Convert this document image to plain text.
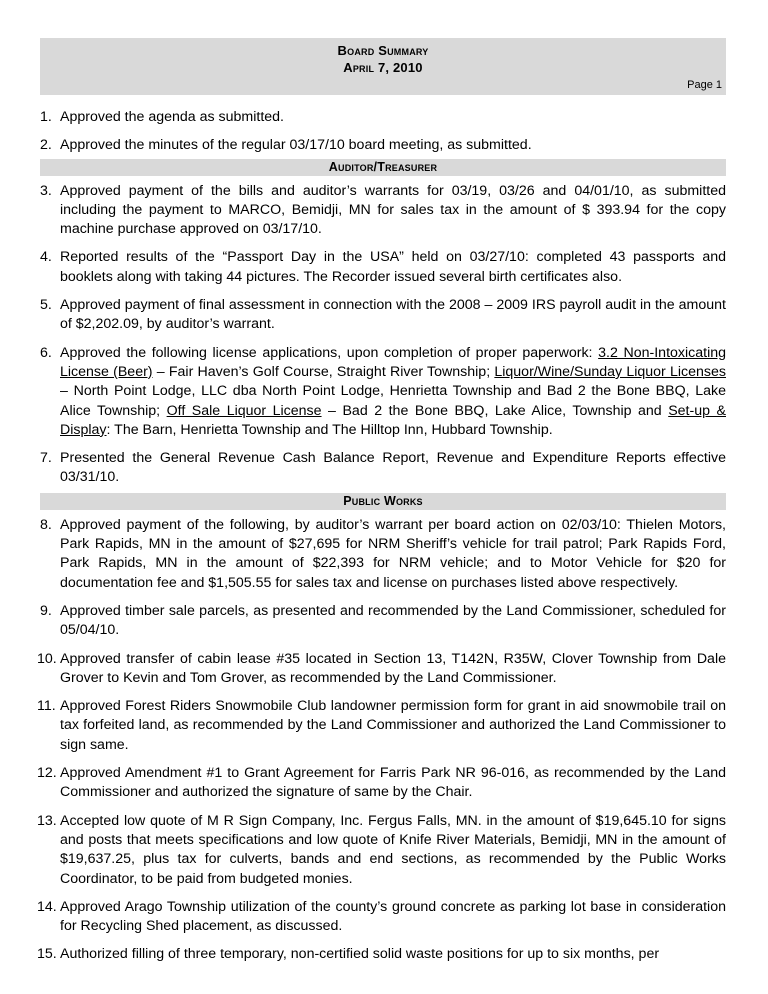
Board Summary
April 7, 2010
Page 1
1. Approved the agenda as submitted.
2. Approved the minutes of the regular 03/17/10 board meeting, as submitted.
Auditor/Treasurer
3. Approved payment of the bills and auditor’s warrants for 03/19, 03/26 and 04/01/10, as submitted including the payment to MARCO, Bemidji, MN for sales tax in the amount of $ 393.94 for the copy machine purchase approved on 03/17/10.
4. Reported results of the “Passport Day in the USA” held on 03/27/10: completed 43 passports and booklets along with taking 44 pictures. The Recorder issued several birth certificates also.
5. Approved payment of final assessment in connection with the 2008 – 2009 IRS payroll audit in the amount of $2,202.09, by auditor’s warrant.
6. Approved the following license applications, upon completion of proper paperwork: 3.2 Non-Intoxicating License (Beer) – Fair Haven’s Golf Course, Straight River Township; Liquor/Wine/Sunday Liquor Licenses – North Point Lodge, LLC dba North Point Lodge, Henrietta Township and Bad 2 the Bone BBQ, Lake Alice Township; Off Sale Liquor License – Bad 2 the Bone BBQ, Lake Alice, Township and Set-up & Display: The Barn, Henrietta Township and The Hilltop Inn, Hubbard Township.
7. Presented the General Revenue Cash Balance Report, Revenue and Expenditure Reports effective 03/31/10.
Public Works
8. Approved payment of the following, by auditor’s warrant per board action on 02/03/10: Thielen Motors, Park Rapids, MN in the amount of $27,695 for NRM Sheriff’s vehicle for trail patrol; Park Rapids Ford, Park Rapids, MN in the amount of $22,393 for NRM vehicle; and to Motor Vehicle for $20 for documentation fee and $1,505.55 for sales tax and license on purchases listed above respectively.
9. Approved timber sale parcels, as presented and recommended by the Land Commissioner, scheduled for 05/04/10.
10. Approved transfer of cabin lease #35 located in Section 13, T142N, R35W, Clover Township from Dale Grover to Kevin and Tom Grover, as recommended by the Land Commissioner.
11. Approved Forest Riders Snowmobile Club landowner permission form for grant in aid snowmobile trail on tax forfeited land, as recommended by the Land Commissioner and authorized the Land Commissioner to sign same.
12. Approved Amendment #1 to Grant Agreement for Farris Park NR 96-016, as recommended by the Land Commissioner and authorized the signature of same by the Chair.
13. Accepted low quote of M R Sign Company, Inc. Fergus Falls, MN. in the amount of $19,645.10 for signs and posts that meets specifications and low quote of Knife River Materials, Bemidji, MN in the amount of $19,637.25, plus tax for culverts, bands and end sections, as recommended by the Public Works Coordinator, to be paid from budgeted monies.
14. Approved Arago Township utilization of the county’s ground concrete as parking lot base in consideration for Recycling Shed placement, as discussed.
15. Authorized filling of three temporary, non-certified solid waste positions for up to six months, per
